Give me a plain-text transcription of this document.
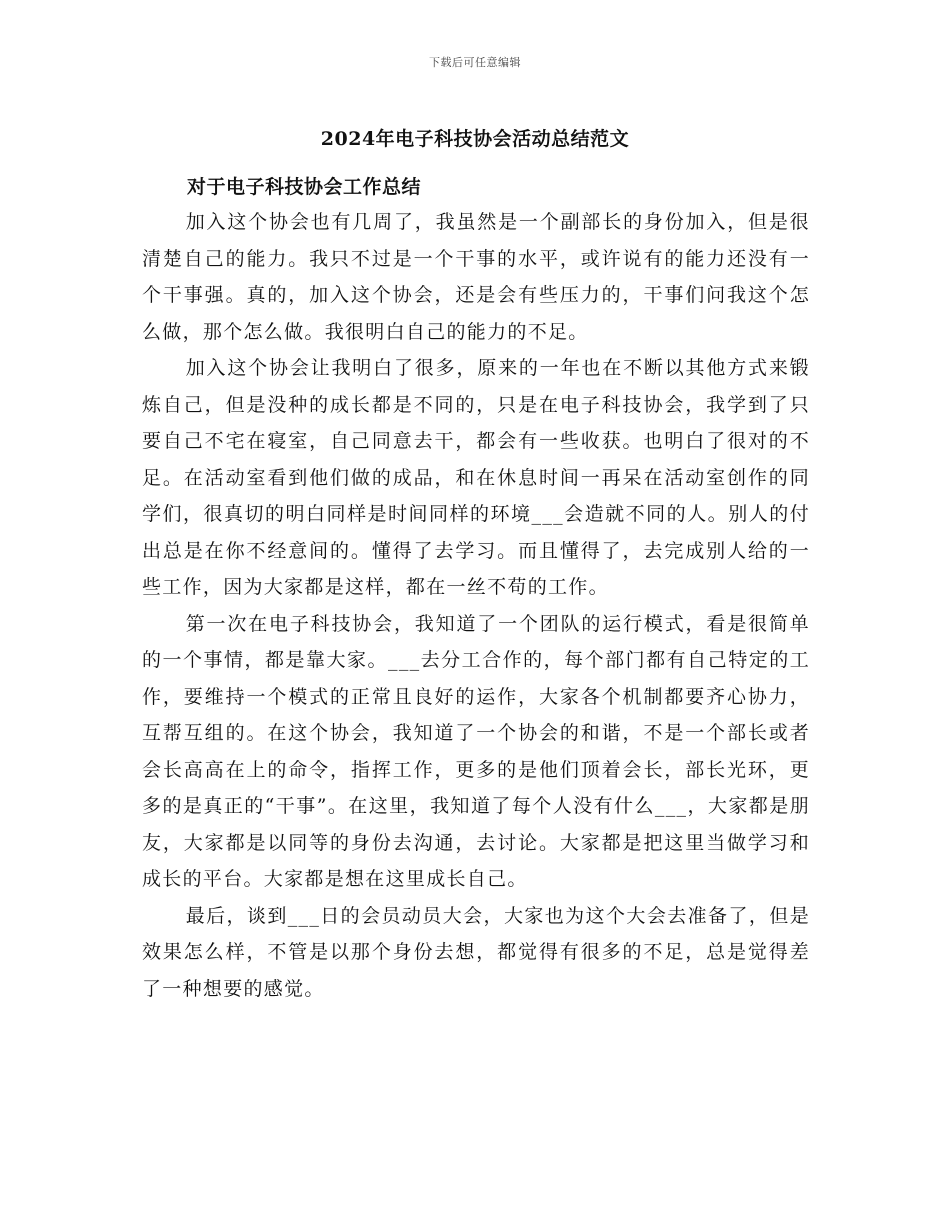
下载后可任意编辑
2024年电子科技协会活动总结范文
对于电子科技协会工作总结

加入这个协会也有几周了，我虽然是一个副部长的身份加入，但是很清楚自己的能力。我只不过是一个干事的水平，或许说有的能力还没有一个干事强。真的，加入这个协会，还是会有些压力的，干事们问我这个怎么做，那个怎么做。我很明白自己的能力的不足。

加入这个协会让我明白了很多，原来的一年也在不断以其他方式来锻炼自己，但是没种的成长都是不同的，只是在电子科技协会，我学到了只要自己不宅在寝室，自己同意去干，都会有一些收获。也明白了很对的不足。在活动室看到他们做的成品，和在休息时间一再呆在活动室创作的同学们，很真切的明白同样是时间同样的环境___会造就不同的人。别人的付出总是在你不经意间的。懂得了去学习。而且懂得了，去完成别人给的一些工作，因为大家都是这样，都在一丝不苟的工作。

第一次在电子科技协会，我知道了一个团队的运行模式，看是很简单的一个事情，都是靠大家。___去分工合作的，每个部门都有自己特定的工作，要维持一个模式的正常且良好的运作，大家各个机制都要齐心协力，互帮互组的。在这个协会，我知道了一个协会的和谐，不是一个部长或者会长高高在上的命令，指挥工作，更多的是他们顶着会长，部长光环，更多的是真正的“干事”。在这里，我知道了每个人没有什么___，大家都是朋友，大家都是以同等的身份去沟通，去讨论。大家都是把这里当做学习和成长的平台。大家都是想在这里成长自己。

最后，谈到___日的会员动员大会，大家也为这个大会去准备了，但是效果怎么样，不管是以那个身份去想，都觉得有很多的不足，总是觉得差了一种想要的感觉。
